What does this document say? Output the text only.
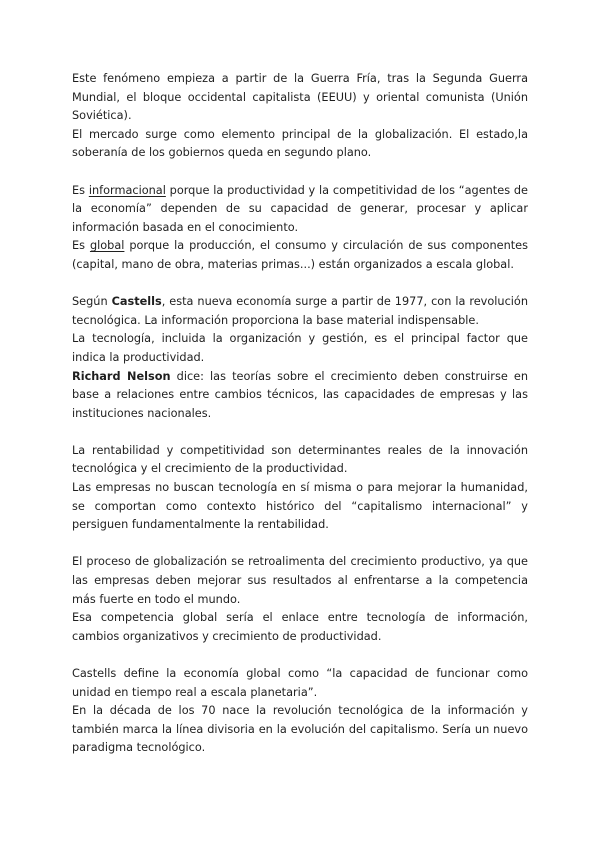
Este fenómeno empieza a partir de la Guerra Fría, tras la Segunda Guerra Mundial, el bloque occidental capitalista (EEUU) y oriental comunista (Unión Soviética).

El mercado surge como elemento principal de la globalización. El estado,la soberanía de los gobiernos queda en segundo plano.

Es informacional porque la productividad y la competitividad de los “agentes de la economía” dependen de su capacidad de generar, procesar y aplicar información basada en el conocimiento.

Es global porque la producción, el consumo y circulación de sus componentes (capital, mano de obra, materias primas...) están organizados a escala global.

Según Castells, esta nueva economía surge a partir de 1977, con la revolución tecnológica. La información proporciona la base material indispensable.

La tecnología, incluida la organización y gestión, es el principal factor que indica la productividad.

Richard Nelson dice: las teorías sobre el crecimiento deben construirse en base a relaciones entre cambios técnicos, las capacidades de empresas y las instituciones nacionales.

La rentabilidad y competitividad son determinantes reales de la innovación tecnológica y el crecimiento de la productividad.

Las empresas no buscan tecnología en sí misma o para mejorar la humanidad, se comportan como contexto histórico del “capitalismo internacional” y persiguen fundamentalmente la rentabilidad.

El proceso de globalización se retroalimenta del crecimiento productivo, ya que las empresas deben mejorar sus resultados al enfrentarse a la competencia más fuerte en todo el mundo.

Esa competencia global sería el enlace entre tecnología de información, cambios organizativos y crecimiento de productividad.

Castells define la economía global como “la capacidad de funcionar como unidad en tiempo real a escala planetaria”.

En la década de los 70 nace la revolución tecnológica de la información y también marca la línea divisoria en la evolución del capitalismo. Sería un nuevo paradigma tecnológico.
